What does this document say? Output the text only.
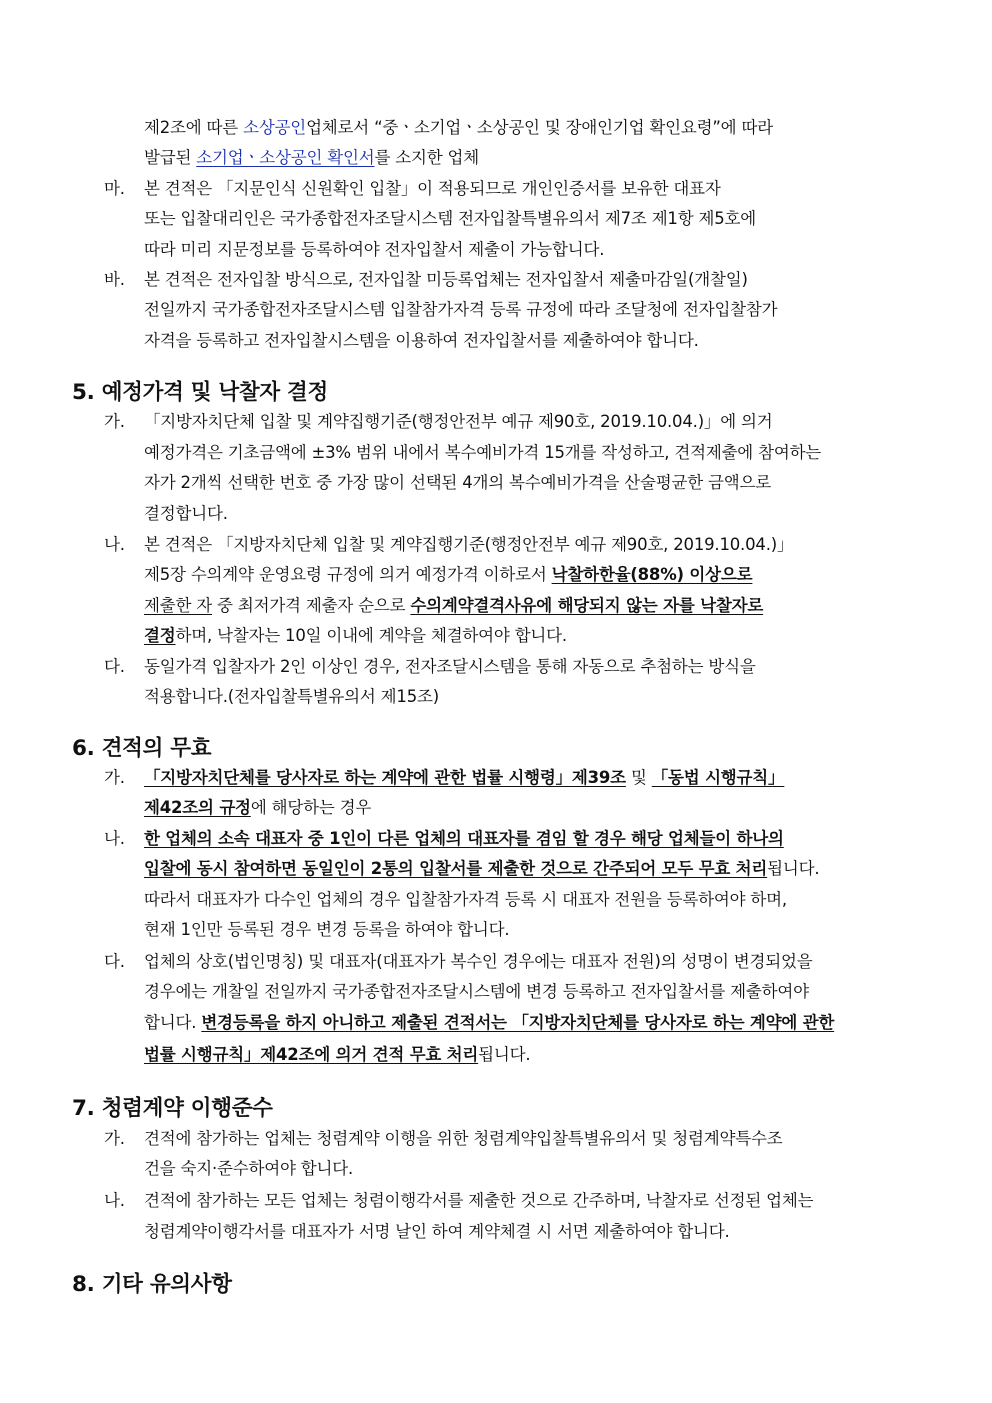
제2조에 따른 소상공인업체로서 “중ㆍ소기업ㆍ소상공인 및 장애인기업 확인요령”에 따라
발급된 소기업ㆍ소상공인 확인서를 소지한 업체
마. 본 견적은 「지문인식 신원확인 입찰」이 적용되므로 개인인증서를 보유한 대표자
또는 입찰대리인은 국가종합전자조달시스템 전자입찰특별유의서 제7조 제1항 제5호에
따라 미리 지문정보를 등록하여야 전자입찰서 제출이 가능합니다.
바. 본 견적은 전자입찰 방식으로, 전자입찰 미등록업체는 전자입찰서 제출마감일(개찰일)
전일까지 국가종합전자조달시스템 입찰참가자격 등록 규정에 따라 조달청에 전자입찰참가
자격을 등록하고 전자입찰시스템을 이용하여 전자입찰서를 제출하여야 합니다.
5. 예정가격 및 낙찰자 결정
가. 「지방자치단체 입찰 및 계약집행기준(행정안전부 예규 제90호, 2019.10.04.)」에 의거
예정가격은 기초금액에 ±3% 범위 내에서 복수예비가격 15개를 작성하고, 견적제출에 참여하는
자가 2개씩 선택한 번호 중 가장 많이 선택된 4개의 복수예비가격을 산술평균한 금액으로
결정합니다.
나. 본 견적은 「지방자치단체 입찰 및 계약집행기준(행정안전부 예규 제90호, 2019.10.04.)」
제5장 수의계약 운영요령 규정에 의거 예정가격 이하로서 낙찰하한율(88%) 이상으로
제출한 자 중 최저가격 제출자 순으로 수의계약결격사유에 해당되지 않는 자를 낙찰자로
결정하며, 낙찰자는 10일 이내에 계약을 체결하여야 합니다.
다. 동일가격 입찰자가 2인 이상인 경우, 전자조달시스템을 통해 자동으로 추첨하는 방식을
적용합니다.(전자입찰특별유의서 제15조)
6. 견적의 무효
가. 「지방자치단체를 당사자로 하는 계약에 관한 법률 시행령」제39조 및 「동법 시행규칙」
제42조의 규정에 해당하는 경우
나. 한 업체의 소속 대표자 중 1인이 다른 업체의 대표자를 겸임 할 경우 해당 업체들이 하나의
입찰에 동시 참여하면 동일인이 2통의 입찰서를 제출한 것으로 간주되어 모두 무효 처리됩니다.
따라서 대표자가 다수인 업체의 경우 입찰참가자격 등록 시 대표자 전원을 등록하여야 하며,
현재 1인만 등록된 경우 변경 등록을 하여야 합니다.
다. 업체의 상호(법인명칭) 및 대표자(대표자가 복수인 경우에는 대표자 전원)의 성명이 변경되었을
경우에는 개찰일 전일까지 국가종합전자조달시스템에 변경 등록하고 전자입찰서를 제출하여야
합니다. 변경등록을 하지 아니하고 제출된 견적서는 「지방자치단체를 당사자로 하는 계약에 관한
법률 시행규칙」제42조에 의거 견적 무효 처리됩니다.
7. 청렴계약 이행준수
가. 견적에 참가하는 업체는 청렴계약 이행을 위한 청렴계약입찰특별유의서 및 청렴계약특수조
건을 숙지·준수하여야 합니다.
나. 견적에 참가하는 모든 업체는 청렴이행각서를 제출한 것으로 간주하며, 낙찰자로 선정된 업체는
청렴계약이행각서를 대표자가 서명 날인 하여 계약체결 시 서면 제출하여야 합니다.
8. 기타 유의사항
